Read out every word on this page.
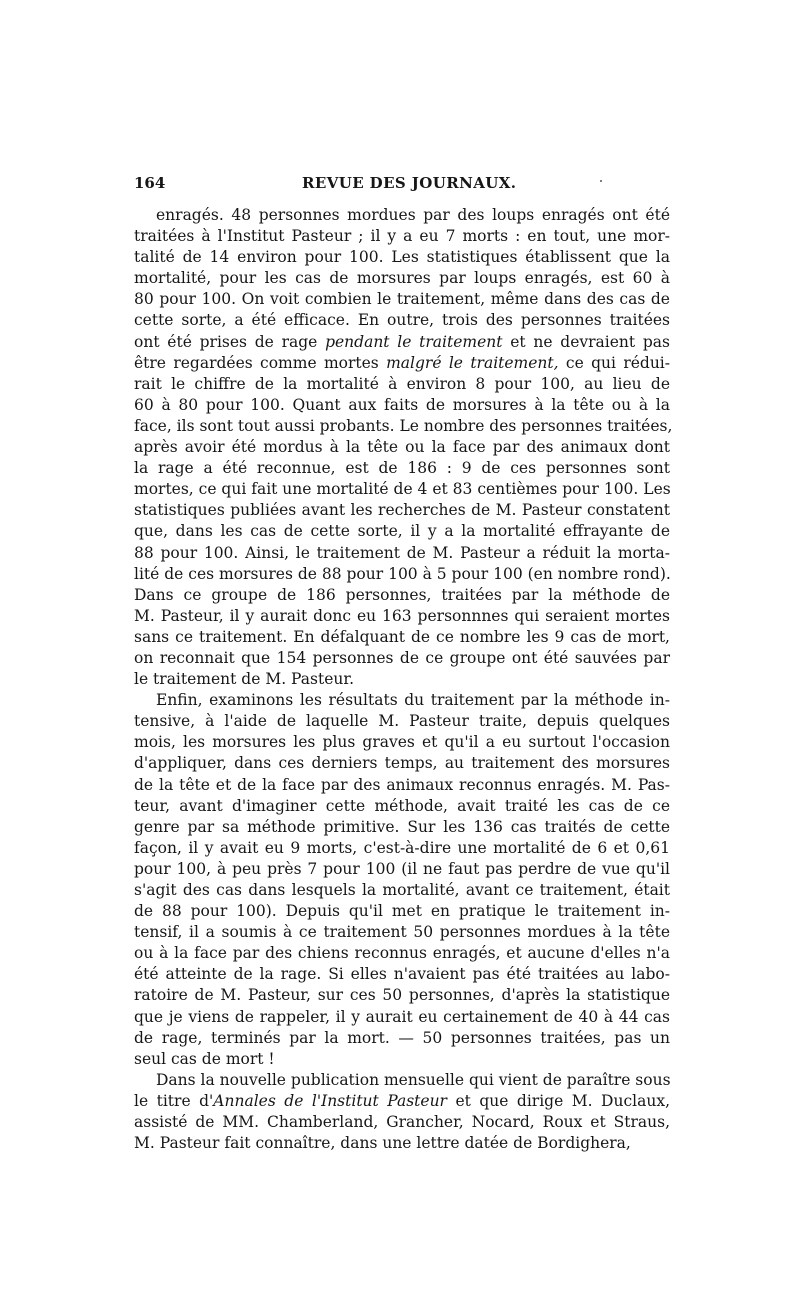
164	REVUE DES JOURNAUX.

enragés. 48 personnes mordues par des loups enragés ont été
traitées à l'Institut Pasteur ; il y a eu 7 morts : en tout, une mor-
talité de 14 environ pour 100. Les statistiques établissent que la
mortalité, pour les cas de morsures par loups enragés, est 60 à
80 pour 100. On voit combien le traitement, même dans des cas de
cette sorte, a été efficace. En outre, trois des personnes traitées
ont été prises de rage pendant le traitement et ne devraient pas
être regardées comme mortes malgré le traitement, ce qui rédui-
rait le chiffre de la mortalité à environ 8 pour 100, au lieu de
60 à 80 pour 100. Quant aux faits de morsures à la tête ou à la
face, ils sont tout aussi probants. Le nombre des personnes traitées,
après avoir été mordus à la tête ou la face par des animaux dont
la rage a été reconnue, est de 186 : 9 de ces personnes sont
mortes, ce qui fait une mortalité de 4 et 83 centièmes pour 100. Les
statistiques publiées avant les recherches de M. Pasteur constatent
que, dans les cas de cette sorte, il y a la mortalité effrayante de
88 pour 100. Ainsi, le traitement de M. Pasteur a réduit la morta-
lité de ces morsures de 88 pour 100 à 5 pour 100 (en nombre rond).
Dans ce groupe de 186 personnes, traitées par la méthode de
M. Pasteur, il y aurait donc eu 163 personnnes qui seraient mortes
sans ce traitement. En défalquant de ce nombre les 9 cas de mort,
on reconnait que 154 personnes de ce groupe ont été sauvées par
le traitement de M. Pasteur.

Enfin, examinons les résultats du traitement par la méthode in-
tensive, à l'aide de laquelle M. Pasteur traite, depuis quelques
mois, les morsures les plus graves et qu'il a eu surtout l'occasion
d'appliquer, dans ces derniers temps, au traitement des morsures
de la tête et de la face par des animaux reconnus enragés. M. Pas-
teur, avant d'imaginer cette méthode, avait traité les cas de ce
genre par sa méthode primitive. Sur les 136 cas traités de cette
façon, il y avait eu 9 morts, c'est-à-dire une mortalité de 6 et 0,61
pour 100, à peu près 7 pour 100 (il ne faut pas perdre de vue qu'il
s'agit des cas dans lesquels la mortalité, avant ce traitement, était
de 88 pour 100). Depuis qu'il met en pratique le traitement in-
tensif, il a soumis à ce traitement 50 personnes mordues à la tête
ou à la face par des chiens reconnus enragés, et aucune d'elles n'a
été atteinte de la rage. Si elles n'avaient pas été traitées au labo-
ratoire de M. Pasteur, sur ces 50 personnes, d'après la statistique
que je viens de rappeler, il y aurait eu certainement de 40 à 44 cas
de rage, terminés par la mort. — 50 personnes traitées, pas un
seul cas de mort !

Dans la nouvelle publication mensuelle qui vient de paraître sous
le titre d'Annales de l'Institut Pasteur et que dirige M. Duclaux,
assisté de MM. Chamberland, Grancher, Nocard, Roux et Straus,
M. Pasteur fait connaître, dans une lettre datée de Bordighera,
